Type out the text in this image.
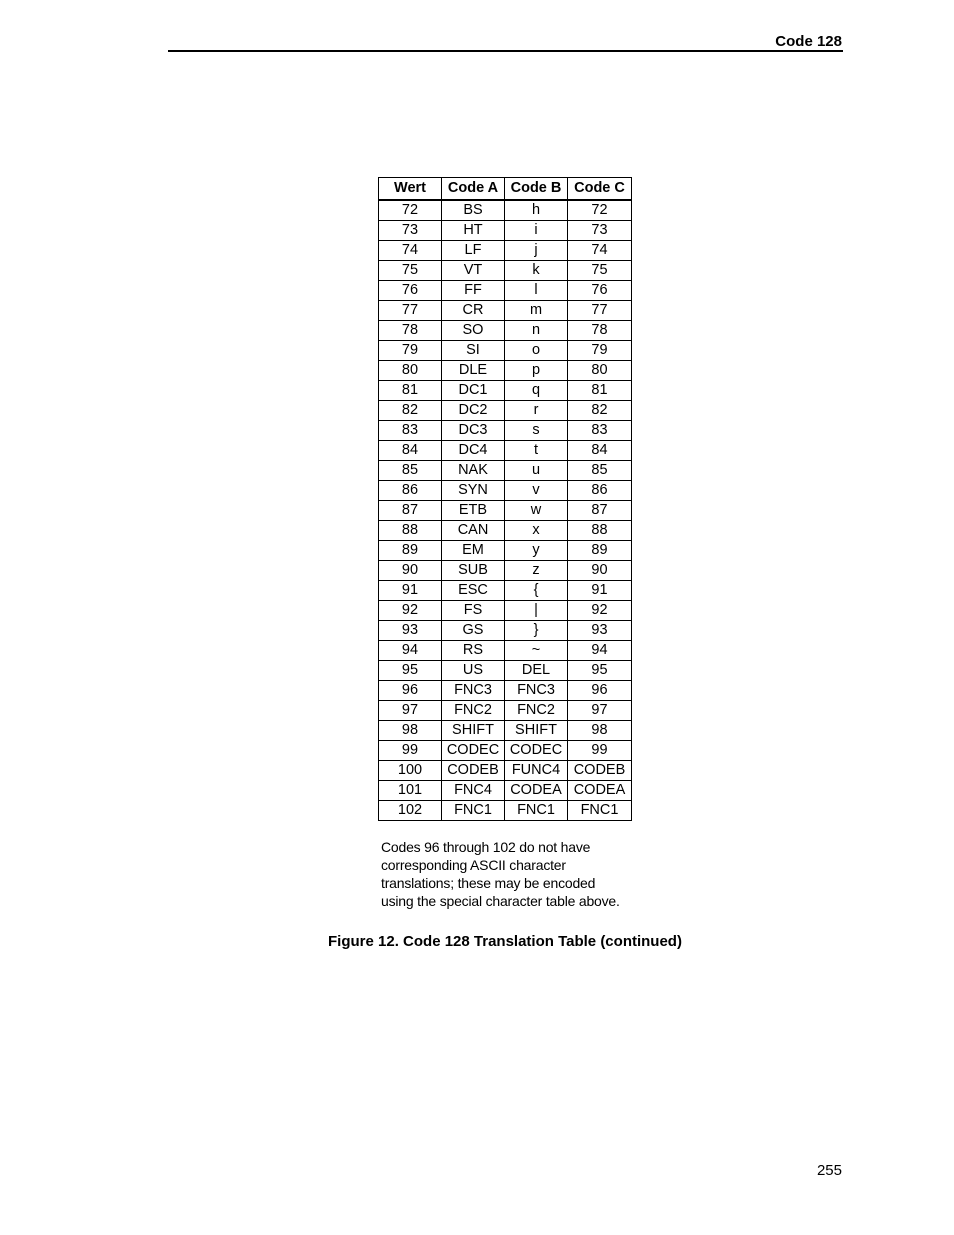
Code 128
Wert	Code A	Code B	Code C
72	BS	h	72
73	HT	i	73
74	LF	j	74
75	VT	k	75
76	FF	l	76
77	CR	m	77
78	SO	n	78
79	SI	o	79
80	DLE	p	80
81	DC1	q	81
82	DC2	r	82
83	DC3	s	83
84	DC4	t	84
85	NAK	u	85
86	SYN	v	86
87	ETB	w	87
88	CAN	x	88
89	EM	y	89
90	SUB	z	90
91	ESC	{	91
92	FS	|	92
93	GS	}	93
94	RS	~	94
95	US	DEL	95
96	FNC3	FNC3	96
97	FNC2	FNC2	97
98	SHIFT	SHIFT	98
99	CODEC	CODEC	99
100	CODEB	FUNC4	CODEB
101	FNC4	CODEA	CODEA
102	FNC1	FNC1	FNC1
Codes 96 through 102 do not have
corresponding ASCII character
translations; these may be encoded
using the special character table above.
Figure 12. Code 128 Translation Table (continued)
255
